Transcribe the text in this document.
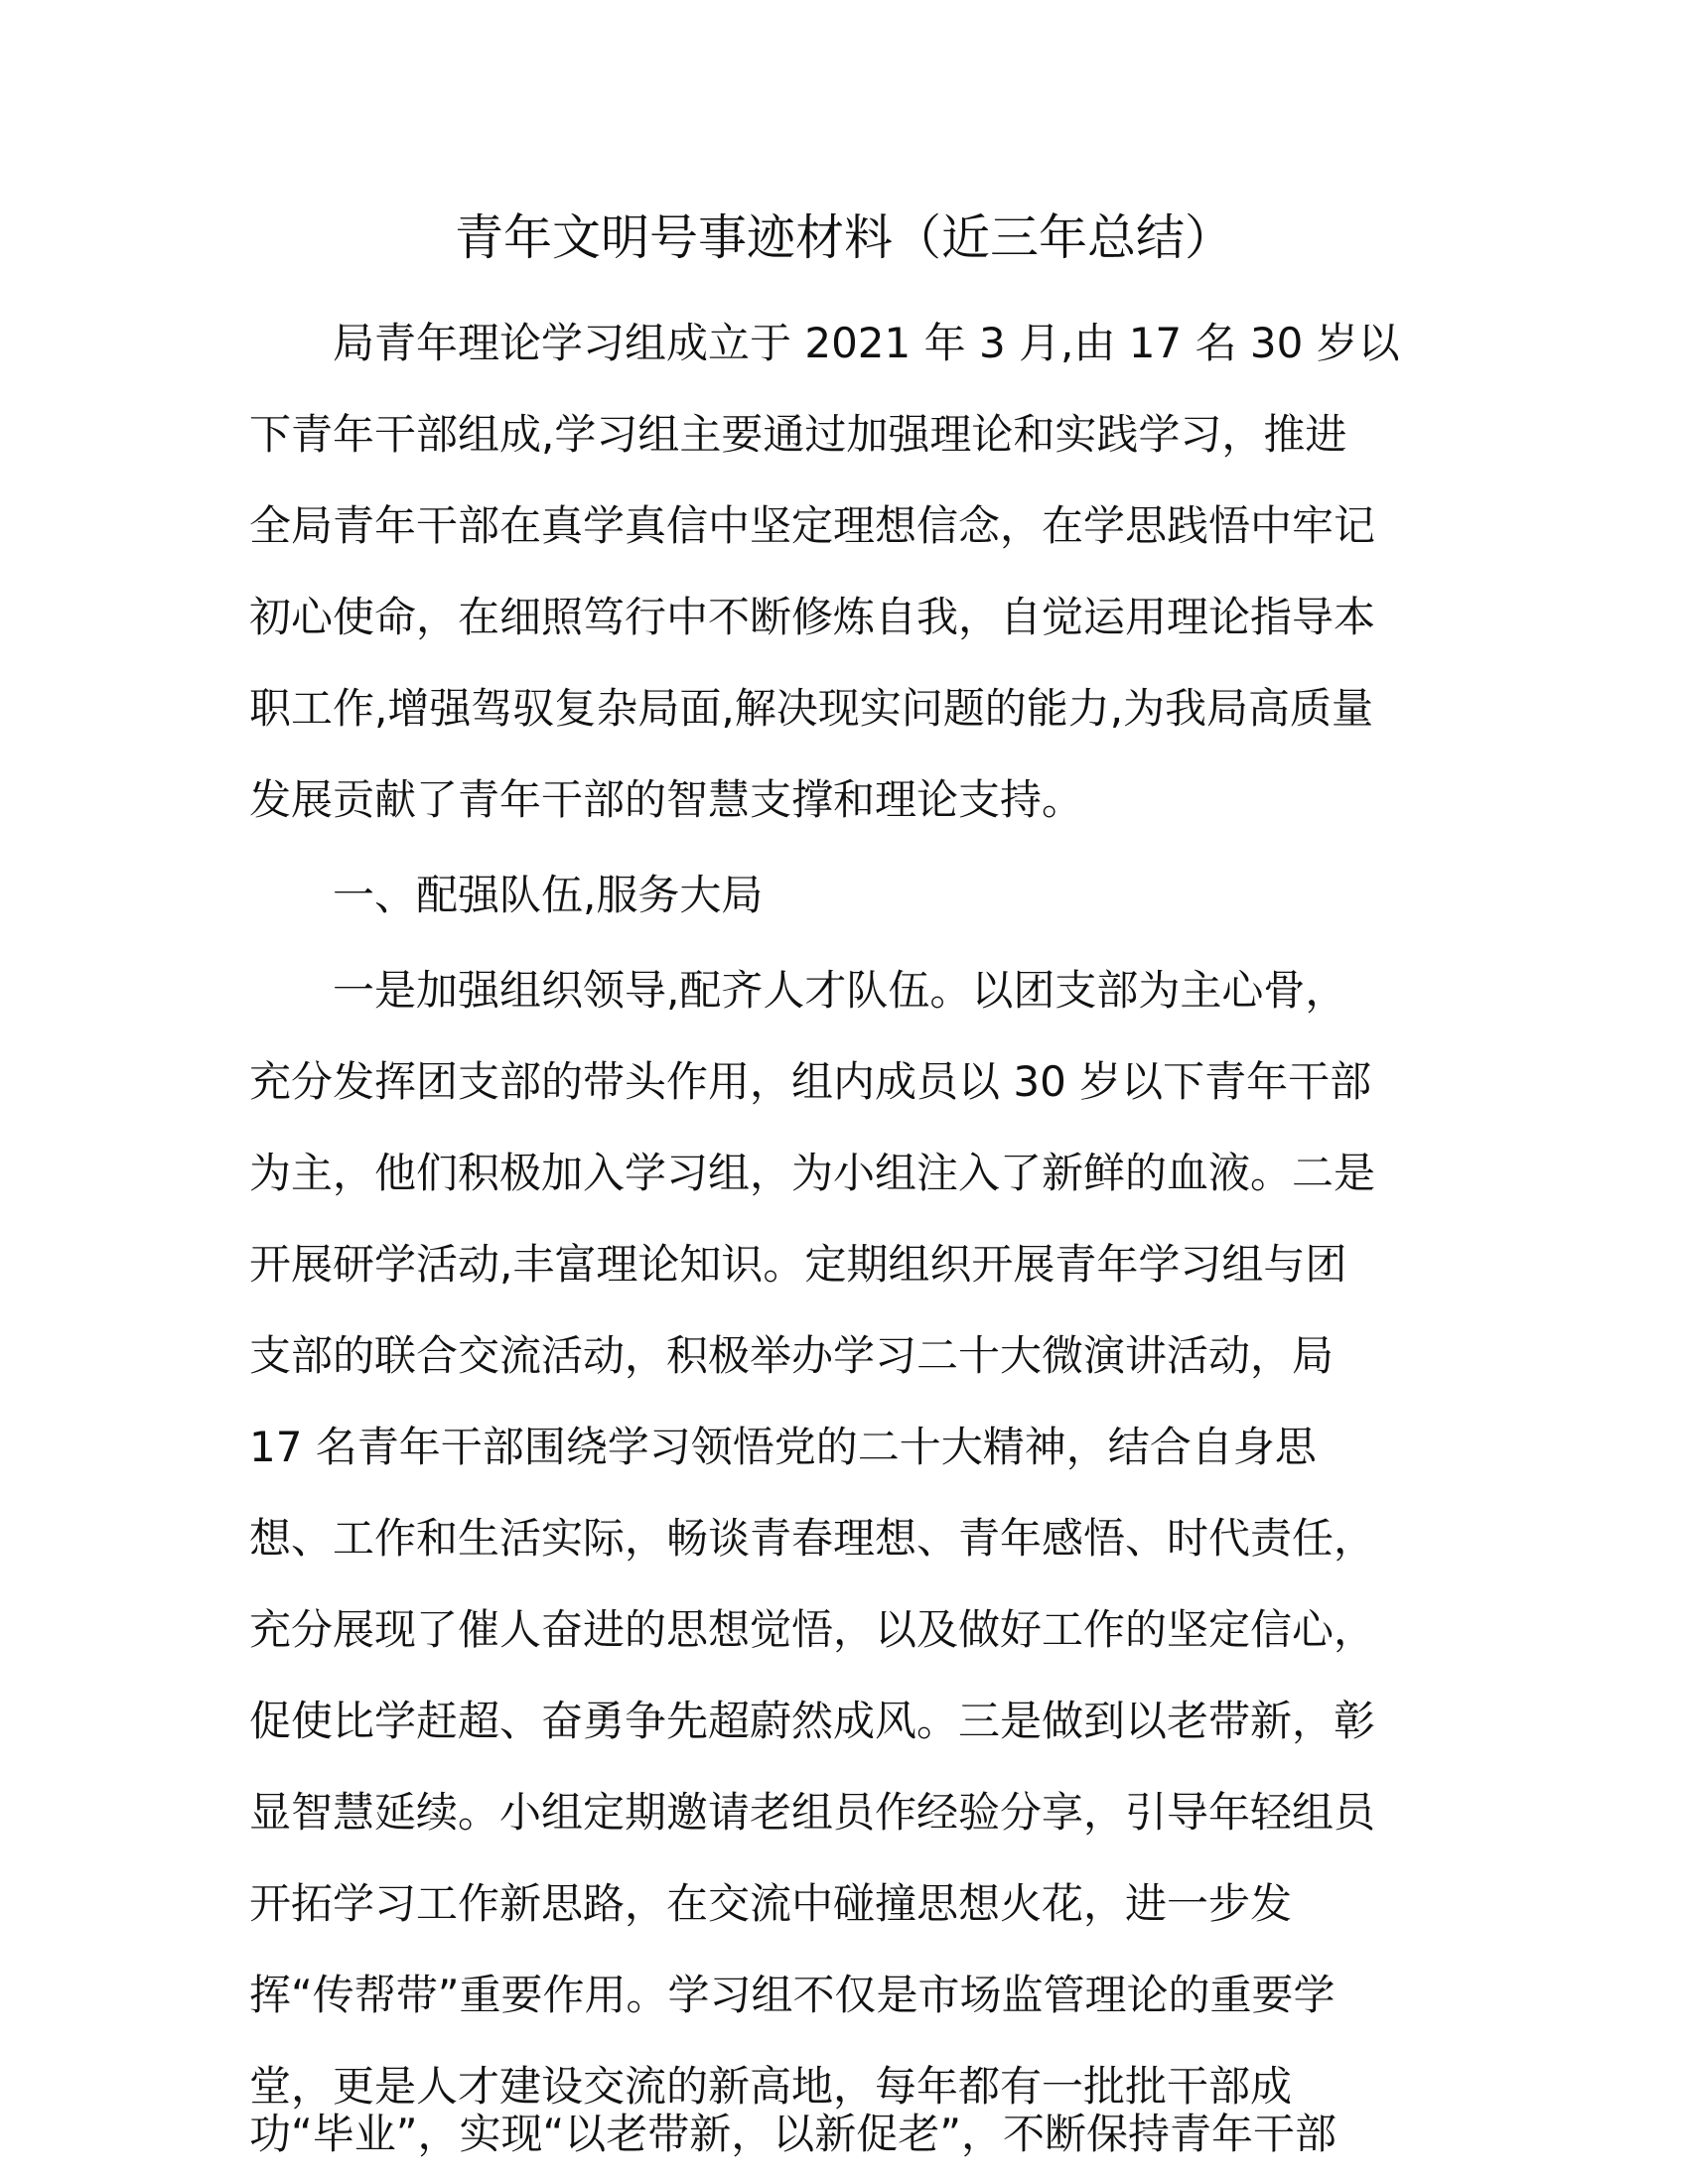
青年文明号事迹材料（近三年总结）
局青年理论学习组成立于 2021 年 3 月,由 17 名 30 岁以
下青年干部组成,学习组主要通过加强理论和实践学习，推进
全局青年干部在真学真信中坚定理想信念，在学思践悟中牢记
初心使命，在细照笃行中不断修炼自我，自觉运用理论指导本
职工作,增强驾驭复杂局面,解决现实问题的能力,为我局高质量
发展贡献了青年干部的智慧支撑和理论支持。
一、配强队伍,服务大局
一是加强组织领导,配齐人才队伍。以团支部为主心骨，
充分发挥团支部的带头作用，组内成员以 30 岁以下青年干部
为主，他们积极加入学习组，为小组注入了新鲜的血液。二是
开展研学活动,丰富理论知识。定期组织开展青年学习组与团
支部的联合交流活动，积极举办学习二十大微演讲活动，局
17 名青年干部围绕学习领悟党的二十大精神，结合自身思
想、工作和生活实际，畅谈青春理想、青年感悟、时代责任，
充分展现了催人奋进的思想觉悟，以及做好工作的坚定信心，
促使比学赶超、奋勇争先超蔚然成风。三是做到以老带新，彰
显智慧延续。小组定期邀请老组员作经验分享，引导年轻组员
开拓学习工作新思路，在交流中碰撞思想火花，进一步发
挥“传帮带”重要作用。学习组不仅是市场监管理论的重要学
堂，更是人才建设交流的新高地，每年都有一批批干部成
功“毕业”，实现“以老带新，以新促老”，不断保持青年干部
